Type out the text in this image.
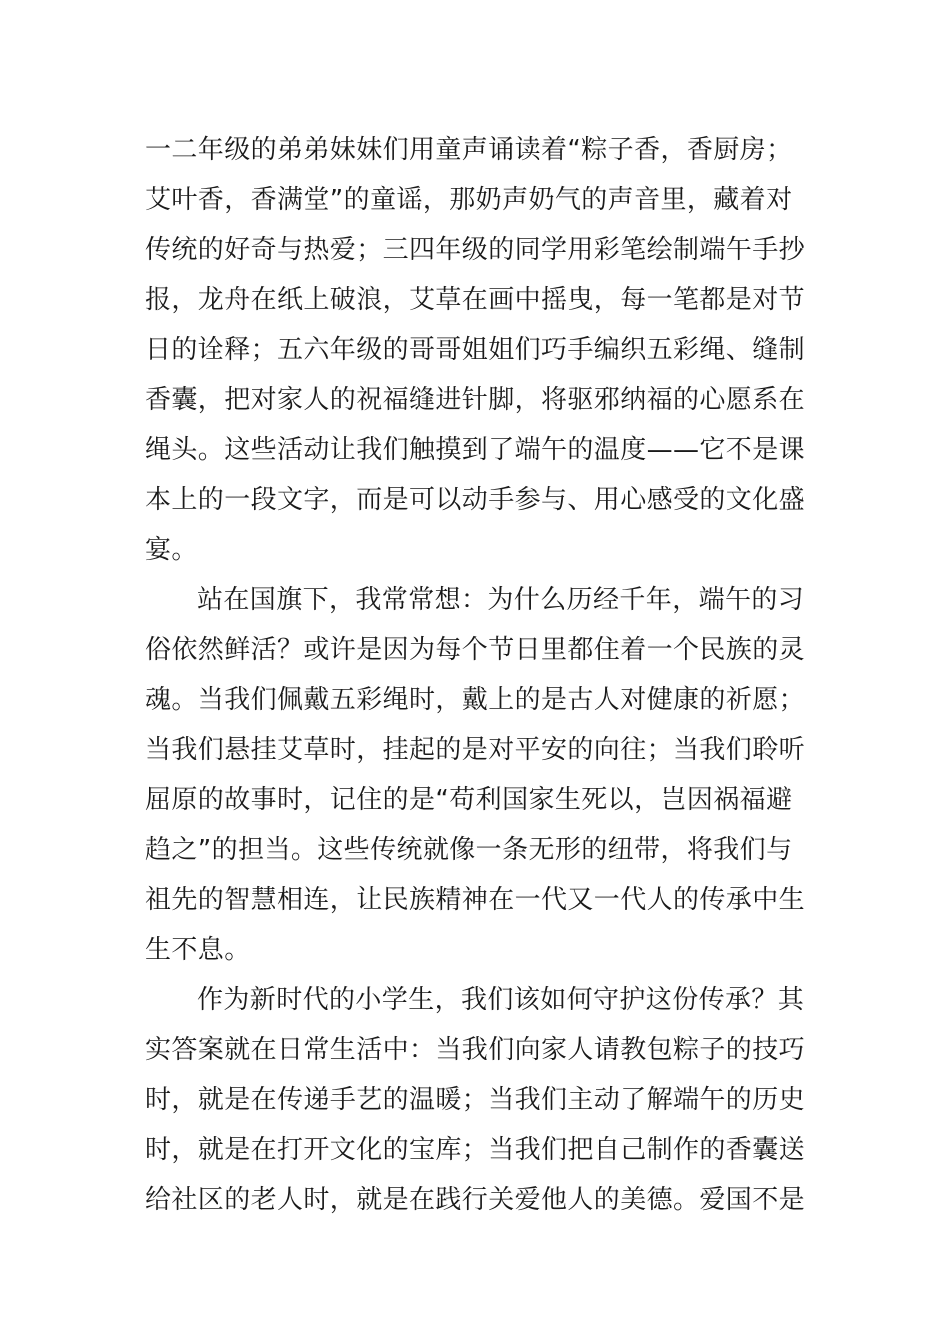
一二年级的弟弟妹妹们用童声诵读着“粽子香，香厨房；
艾叶香，香满堂”的童谣，那奶声奶气的声音里，藏着对
传统的好奇与热爱；三四年级的同学用彩笔绘制端午手抄
报，龙舟在纸上破浪，艾草在画中摇曳，每一笔都是对节
日的诠释；五六年级的哥哥姐姐们巧手编织五彩绳、缝制
香囊，把对家人的祝福缝进针脚，将驱邪纳福的心愿系在
绳头。这些活动让我们触摸到了端午的温度——它不是课
本上的一段文字，而是可以动手参与、用心感受的文化盛
宴。
站在国旗下，我常常想：为什么历经千年，端午的习
俗依然鲜活？或许是因为每个节日里都住着一个民族的灵
魂。当我们佩戴五彩绳时，戴上的是古人对健康的祈愿；
当我们悬挂艾草时，挂起的是对平安的向往；当我们聆听
屈原的故事时，记住的是“苟利国家生死以，岂因祸福避
趋之”的担当。这些传统就像一条无形的纽带，将我们与
祖先的智慧相连，让民族精神在一代又一代人的传承中生
生不息。
作为新时代的小学生，我们该如何守护这份传承？其
实答案就在日常生活中：当我们向家人请教包粽子的技巧
时，就是在传递手艺的温暖；当我们主动了解端午的历史
时，就是在打开文化的宝库；当我们把自己制作的香囊送
给社区的老人时，就是在践行关爱他人的美德。爱国不是
